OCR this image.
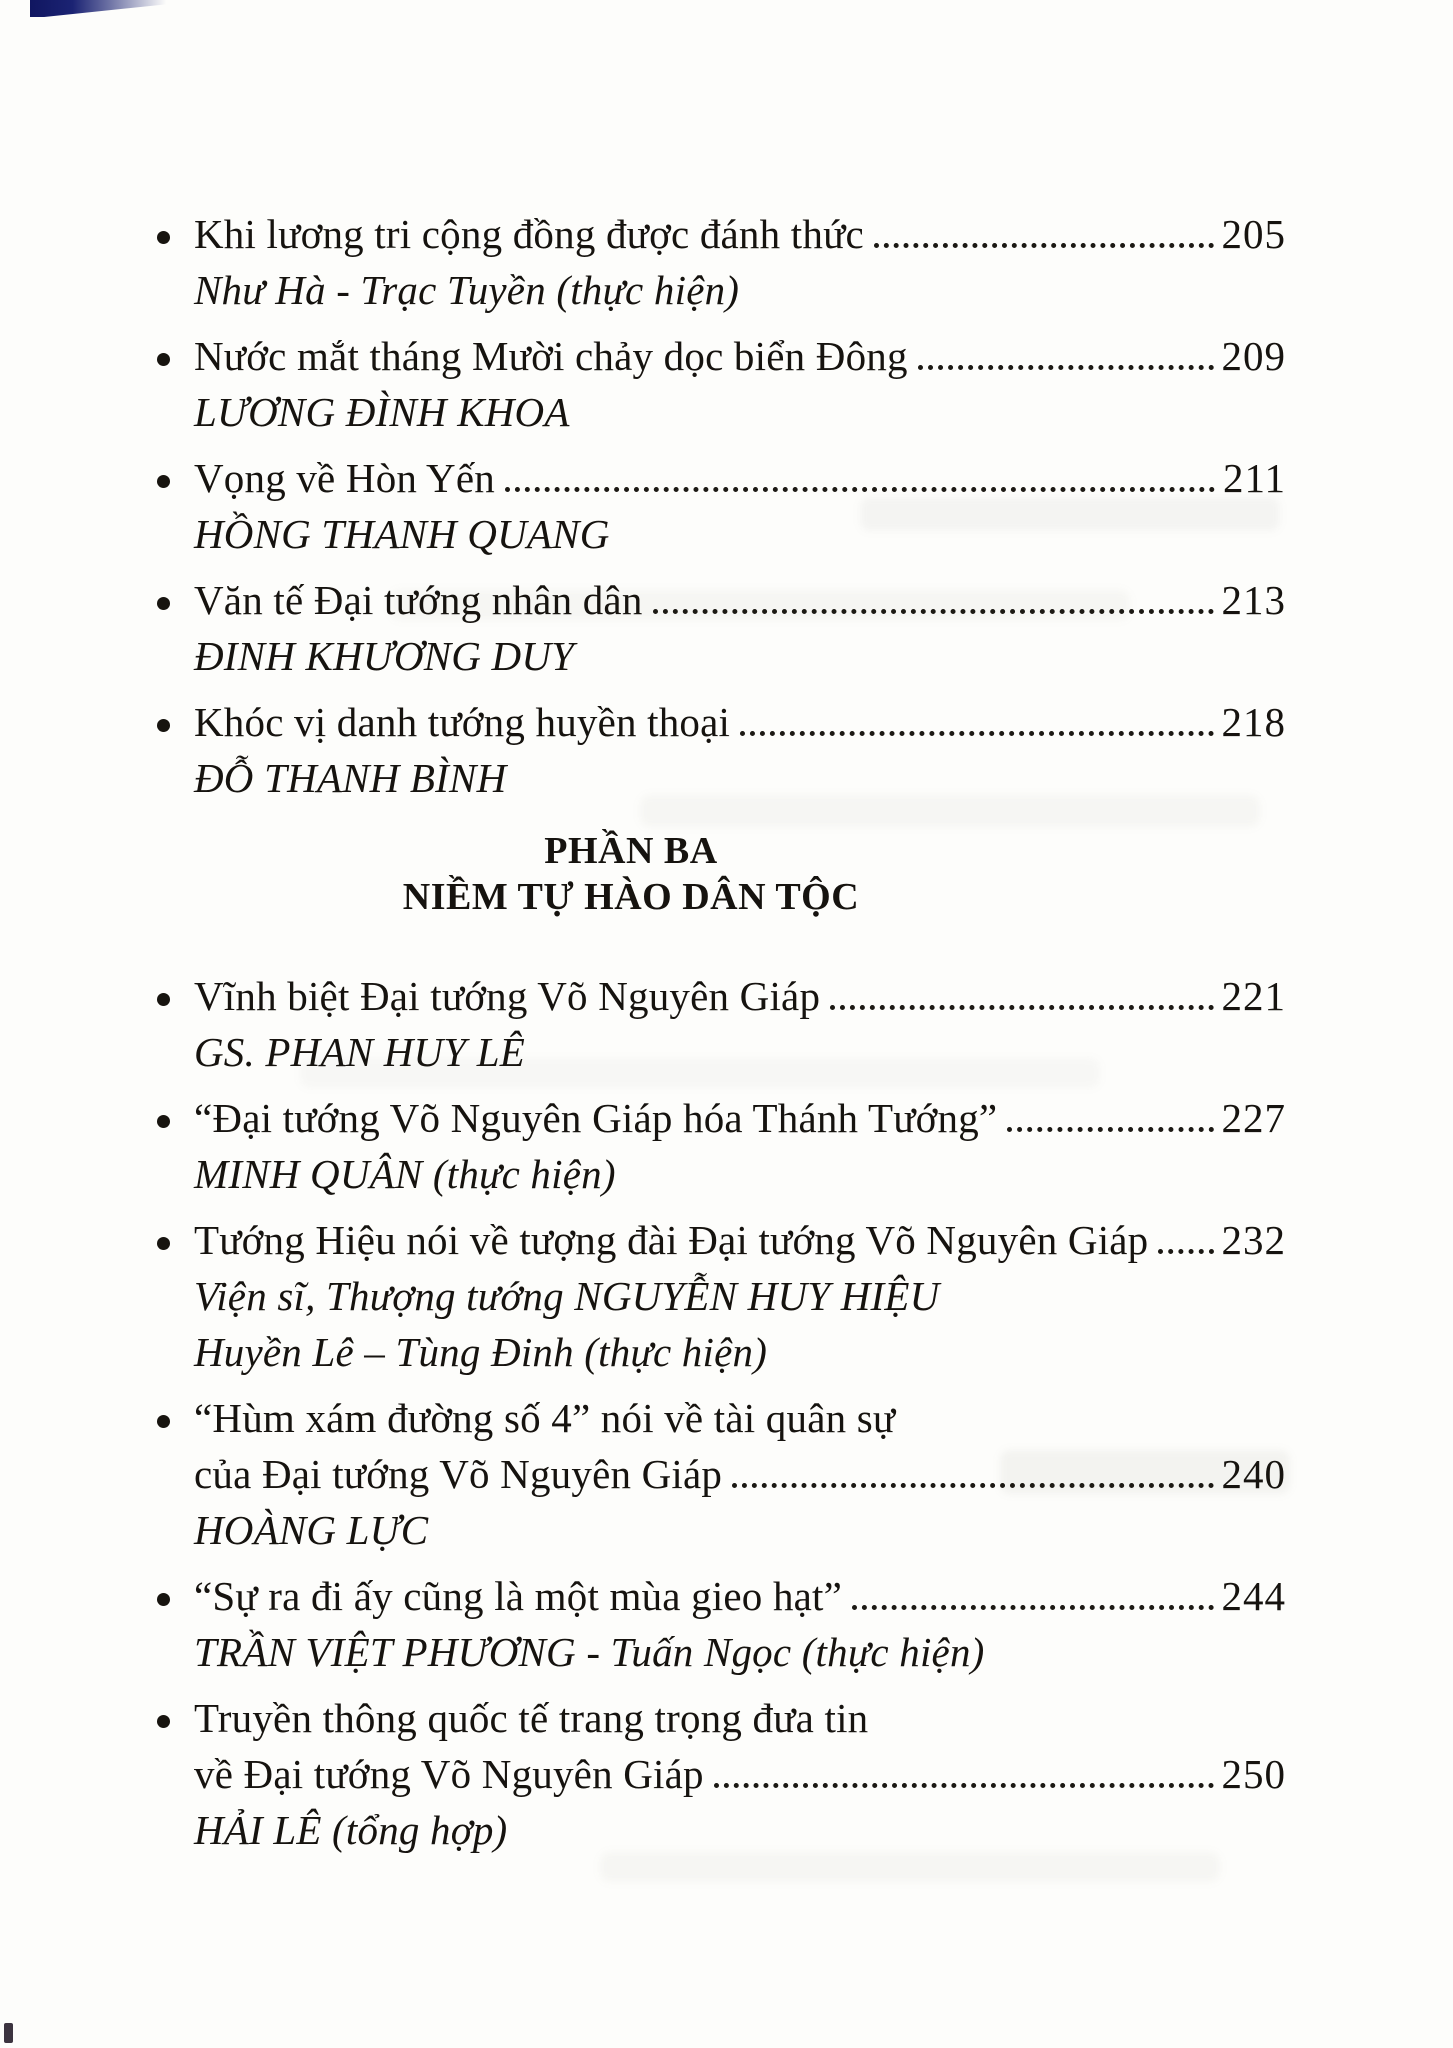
Khi lương tri cộng đồng được đánh thức	205
Như Hà - Trạc Tuyền (thực hiện)
Nước mắt tháng Mười chảy dọc biển Đông	209
LƯƠNG ĐÌNH KHOA
Vọng về Hòn Yến	211
HỒNG THANH QUANG
Văn tế Đại tướng nhân dân	213
ĐINH KHƯƠNG DUY
Khóc vị danh tướng huyền thoại	218
ĐỖ THANH BÌNH
PHẦN BA
NIỀM TỰ HÀO DÂN TỘC
Vĩnh biệt Đại tướng Võ Nguyên Giáp	221
GS. PHAN HUY LÊ
“Đại tướng Võ Nguyên Giáp hóa Thánh Tướng”	227
MINH QUÂN (thực hiện)
Tướng Hiệu nói về tượng đài Đại tướng Võ Nguyên Giáp 232
Viện sĩ, Thượng tướng NGUYỄN HUY HIỆU
Huyền Lê – Tùng Đinh (thực hiện)
“Hùm xám đường số 4” nói về tài quân sự
của Đại tướng Võ Nguyên Giáp	240
HOÀNG LỰC
“Sự ra đi ấy cũng là một mùa gieo hạt”	244
TRẦN VIỆT PHƯƠNG - Tuấn Ngọc (thực hiện)
Truyền thông quốc tế trang trọng đưa tin
về Đại tướng Võ Nguyên Giáp	250
HẢI LÊ (tổng hợp)
